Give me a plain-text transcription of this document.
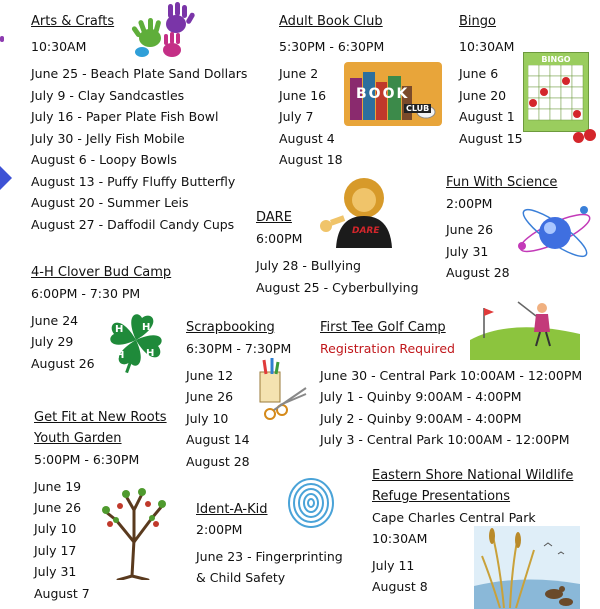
Arts & Crafts
10:30AM
June 25 - Beach Plate Sand Dollars
July 9 - Clay Sandcastles
July 16 - Paper Plate Fish Bowl
July 30 - Jelly Fish Mobile
August 6 - Loopy Bowls
August 13 - Puffy Fluffy Butterfly
August 20 - Summer Leis
August 27 - Daffodil Candy Cups
Adult Book Club
5:30PM - 6:30PM
June 2
June 16
July 7
August 4
August 18
BOOK
CLUB
Bingo
10:30AM
June 6
June 20
August 1
August 15
BINGO
Fun With Science
2:00PM
June 26
July 31
August 28
DARE
6:00PM
July 28 - Bullying
August 25 - Cyberbullying
DARE
4-H Clover Bud Camp
6:00PM - 7:30 PM
June 24
July 29
August 26
H H
H
H
Scrapbooking
6:30PM - 7:30PM
June 12
June 26
July 10
August 14
August 28
First Tee Golf Camp
Registration Required
June 30 - Central Park 10:00AM - 12:00PM
July 1 - Quinby 9:00AM - 4:00PM
July 2 - Quinby 9:00AM - 4:00PM
July 3 - Central Park 10:00AM - 12:00PM
Get Fit at New Roots
Youth Garden
5:00PM - 6:30PM
June 19
June 26
July 10
July 17
July 31
August 7
Ident-A-Kid
2:00PM
June 23 - Fingerprinting
& Child Safety
Eastern Shore National Wildlife
Refuge Presentations
Cape Charles Central Park
10:30AM
July 11
August 8
